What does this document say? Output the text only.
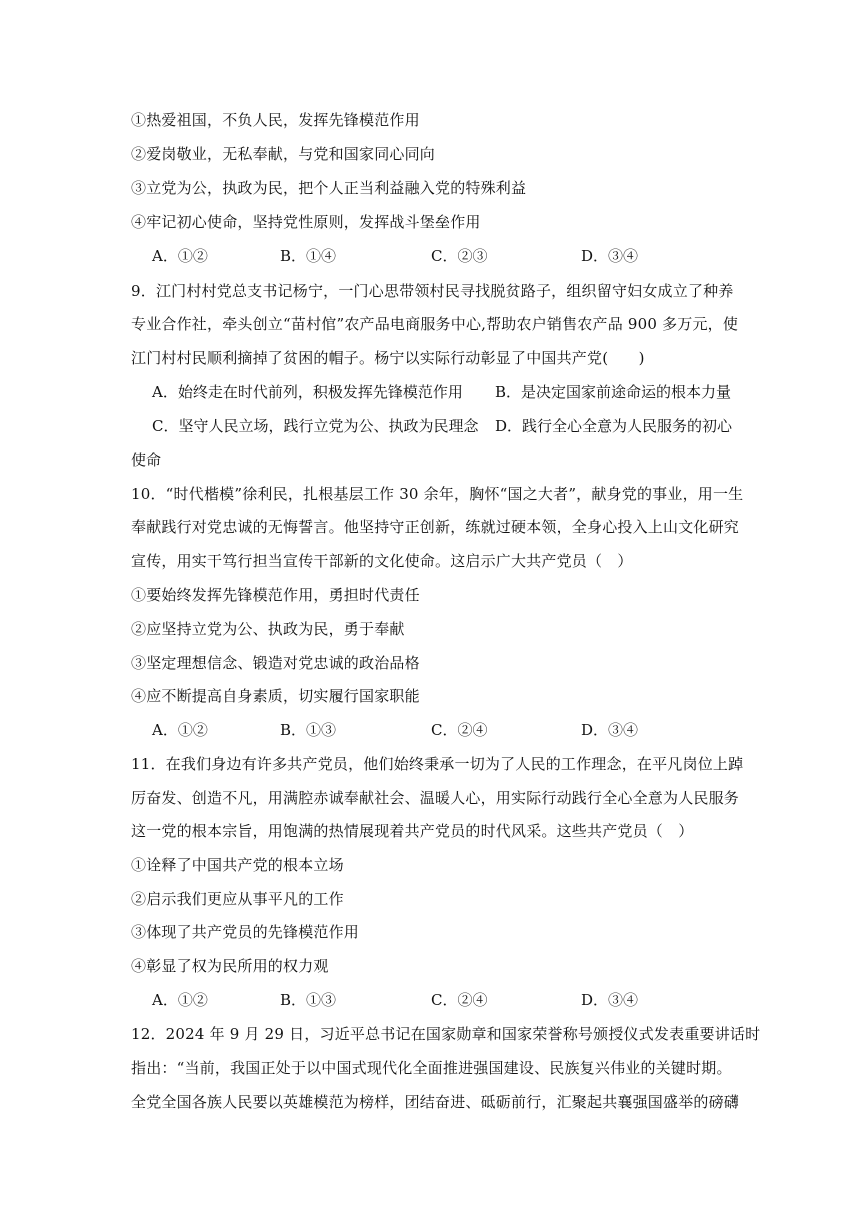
①热爱祖国，不负人民，发挥先锋模范作用
②爱岗敬业，无私奉献，与党和国家同心同向
③立党为公，执政为民，把个人正当利益融入党的特殊利益
④牢记初心使命，坚持党性原则，发挥战斗堡垒作用
A．①②	B．①④	C．②③	D．③④
9．江门村村党总支书记杨宁，一门心思带领村民寻找脱贫路子，组织留守妇女成立了种养
专业合作社，牵头创立“苗村倌”农产品电商服务中心,帮助农户销售农产品 900 多万元，使
江门村村民顺利摘掉了贫困的帽子。杨宁以实际行动彰显了中国共产党(　　)
A．始终走在时代前列，积极发挥先锋模范作用 B．是决定国家前途命运的根本力量
C．坚守人民立场，践行立党为公、执政为民理念 D．践行全心全意为人民服务的初心
使命
10．“时代楷模”徐利民，扎根基层工作 30 余年，胸怀“国之大者”，献身党的事业，用一生
奉献践行对党忠诚的无悔誓言。他坚持守正创新，练就过硬本领，全身心投入上山文化研究
宣传，用实干笃行担当宣传干部新的文化使命。这启示广大共产党员（　）
①要始终发挥先锋模范作用，勇担时代责任
②应坚持立党为公、执政为民，勇于奉献
③坚定理想信念、锻造对党忠诚的政治品格
④应不断提高自身素质，切实履行国家职能
A．①②	B．①③	C．②④	D．③④
11．在我们身边有许多共产党员，他们始终秉承一切为了人民的工作理念，在平凡岗位上踔
厉奋发、创造不凡，用满腔赤诚奉献社会、温暖人心，用实际行动践行全心全意为人民服务
这一党的根本宗旨，用饱满的热情展现着共产党员的时代风采。这些共产党员（　）
①诠释了中国共产党的根本立场
②启示我们更应从事平凡的工作
③体现了共产党员的先锋模范作用
④彰显了权为民所用的权力观
A．①②	B．①③	C．②④	D．③④
12．2024 年 9 月 29 日，习近平总书记在国家勋章和国家荣誉称号颁授仪式发表重要讲话时
指出：“当前，我国正处于以中国式现代化全面推进强国建设、民族复兴伟业的关键时期。
全党全国各族人民要以英雄模范为榜样，团结奋进、砥砺前行，汇聚起共襄强国盛举的磅礴
